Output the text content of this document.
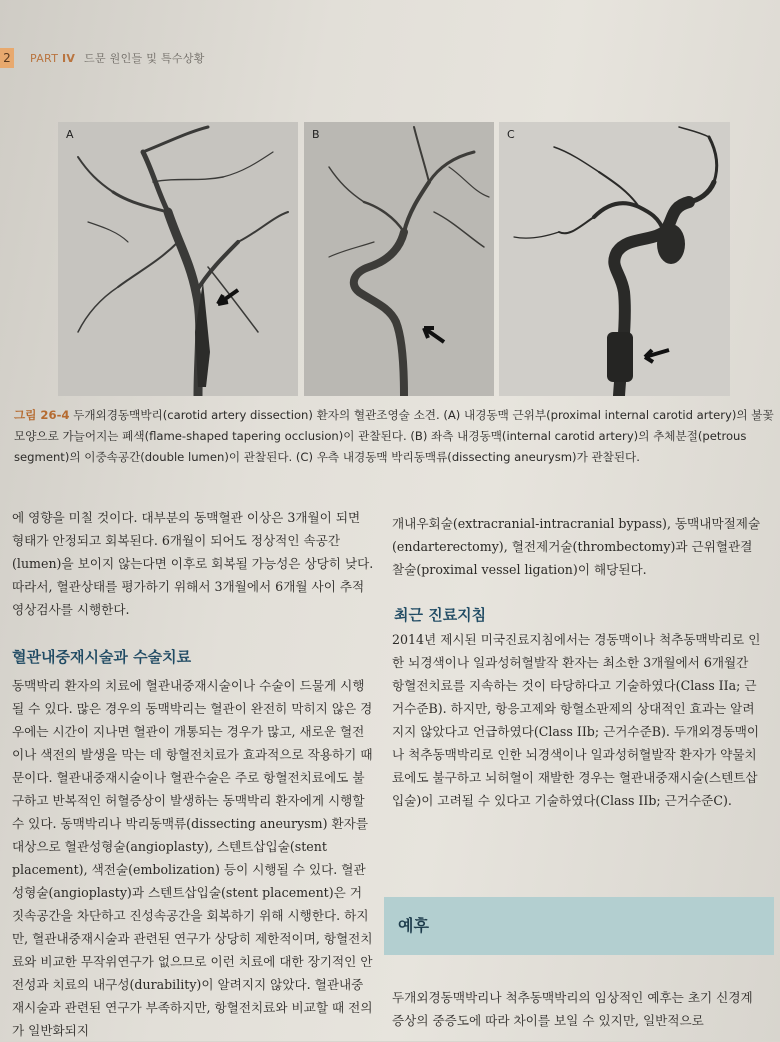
2 PART IV 드문 원인들 및 특수상황
A	B	C
그림 26-4 두개외경동맥박리(carotid artery dissection) 환자의 혈관조영술 소견. (A) 내경동맥 근위부(proximal internal carotid artery)의 불꽃모양으로 가늘어지는 폐색(flame-shaped tapering occlusion)이 관찰된다. (B) 좌측 내경동맥(internal carotid artery)의 추체분절(petrous segment)의 이중속공간(double lumen)이 관찰된다. (C) 우측 내경동맥 박리동맥류(dissecting aneurysm)가 관찰된다.

에 영향을 미칠 것이다. 대부분의 동맥혈관 이상은 3개월이 되면 형태가 안정되고 회복된다. 6개월이 되어도 정상적인 속공간(lumen)을 보이지 않는다면 이후로 회복될 가능성은 상당히 낮다. 따라서, 혈관상태를 평가하기 위해서 3개월에서 6개월 사이 추적영상검사를 시행한다.

혈관내중재시술과 수술치료

동맥박리 환자의 치료에 혈관내중재시술이나 수술이 드물게 시행될 수 있다. 많은 경우의 동맥박리는 혈관이 완전히 막히지 않은 경우에는 시간이 지나면 혈관이 개통되는 경우가 많고, 새로운 혈전이나 색전의 발생을 막는 데 항혈전치료가 효과적으로 작용하기 때문이다. 혈관내중재시술이나 혈관수술은 주로 항혈전치료에도 불구하고 반복적인 허혈증상이 발생하는 동맥박리 환자에게 시행할 수 있다. 동맥박리나 박리동맥류(dissecting aneurysm) 환자를 대상으로 혈관성형술(angioplasty), 스텐트삽입술(stent placement), 색전술(embolization) 등이 시행될 수 있다. 혈관성형술(angioplasty)과 스텐트삽입술(stent placement)은 거짓속공간을 차단하고 진성속공간을 회복하기 위해 시행한다. 하지만, 혈관내중재시술과 관련된 연구가 상당히 제한적이며, 항혈전치료와 비교한 무작위연구가 없으므로 이런 치료에 대한 장기적인 안전성과 치료의 내구성(durability)이 알려지지 않았다. 혈관내중재시술과 관련된 연구가 부족하지만, 항혈전치료와 비교할 때 전의가 일반화되지

개내우회술(extracranial-intracranial bypass), 동맥내막절제술(endarterectomy), 혈전제거술(thrombectomy)과 근위혈관결찰술(proximal vessel ligation)이 해당된다.

최근 진료지침

2014년 제시된 미국진료지침에서는 경동맥이나 척추동맥박리로 인한 뇌경색이나 일과성허혈발작 환자는 최소한 3개월에서 6개월간 항혈전치료를 지속하는 것이 타당하다고 기술하였다(Class IIa; 근거수준B). 하지만, 항응고제와 항혈소판제의 상대적인 효과는 알려지지 않았다고 언급하였다(Class IIb; 근거수준B). 두개외경동맥이나 척추동맥박리로 인한 뇌경색이나 일과성허혈발작 환자가 약물치료에도 불구하고 뇌허혈이 재발한 경우는 혈관내중재시술(스텐트삽입술)이 고려될 수 있다고 기술하였다(Class IIb; 근거수준C).

예후

두개외경동맥박리나 척추동맥박리의 임상적인 예후는 초기 신경계증상의 중증도에 따라 차이를 보일 수 있지만, 일반적으로
